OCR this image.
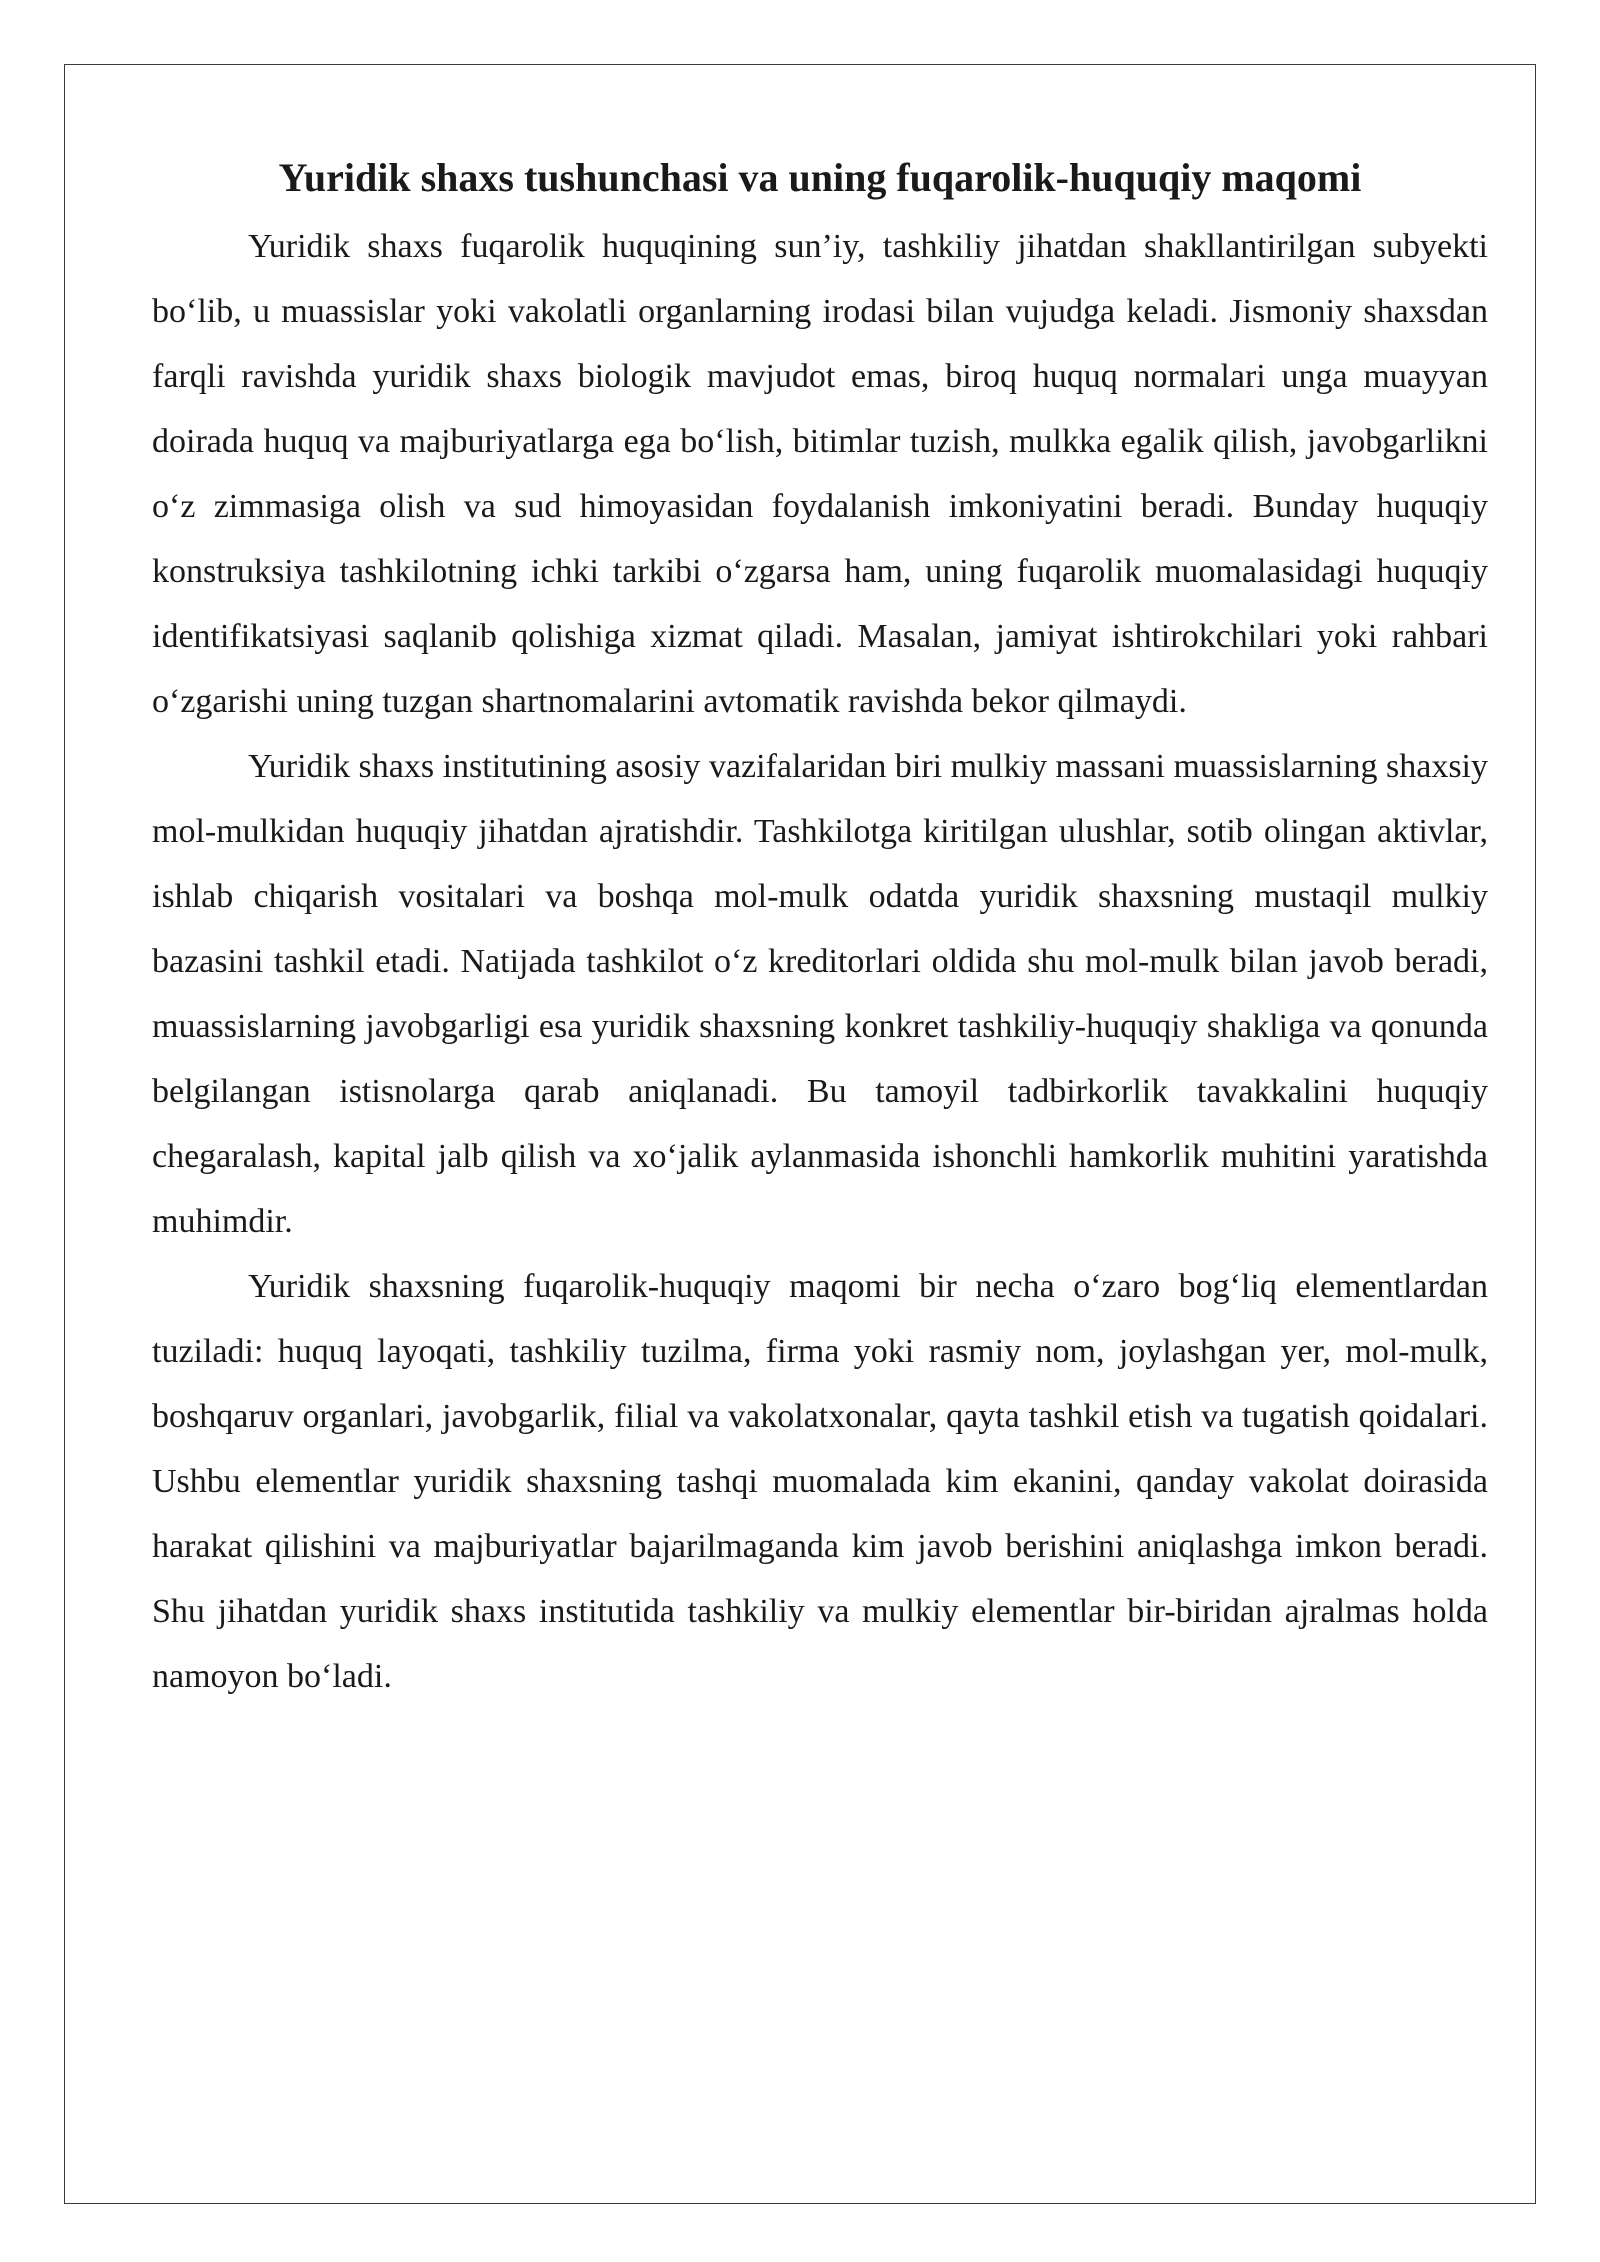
Yuridik shaxs tushunchasi va uning fuqarolik-huquqiy maqomi

Yuridik shaxs fuqarolik huquqining sun’iy, tashkiliy jihatdan shakllantirilgan subyekti bo‘lib, u muassislar yoki vakolatli organlarning irodasi bilan vujudga keladi. Jismoniy shaxsdan farqli ravishda yuridik shaxs biologik mavjudot emas, biroq huquq normalari unga muayyan doirada huquq va majburiyatlarga ega bo‘lish, bitimlar tuzish, mulkka egalik qilish, javobgarlikni o‘z zimmasiga olish va sud himoyasidan foydalanish imkoniyatini beradi. Bunday huquqiy konstruksiya tashkilotning ichki tarkibi o‘zgarsa ham, uning fuqarolik muomalasidagi huquqiy identifikatsiyasi saqlanib qolishiga xizmat qiladi. Masalan, jamiyat ishtirokchilari yoki rahbari o‘zgarishi uning tuzgan shartnomalarini avtomatik ravishda bekor qilmaydi.

Yuridik shaxs institutining asosiy vazifalaridan biri mulkiy massani muassislarning shaxsiy mol-mulkidan huquqiy jihatdan ajratishdir. Tashkilotga kiritilgan ulushlar, sotib olingan aktivlar, ishlab chiqarish vositalari va boshqa mol-mulk odatda yuridik shaxsning mustaqil mulkiy bazasini tashkil etadi. Natijada tashkilot o‘z kreditorlari oldida shu mol-mulk bilan javob beradi, muassislarning javobgarligi esa yuridik shaxsning konkret tashkiliy-huquqiy shakliga va qonunda belgilangan istisnolarga qarab aniqlanadi. Bu tamoyil tadbirkorlik tavakkalini huquqiy chegaralash, kapital jalb qilish va xo‘jalik aylanmasida ishonchli hamkorlik muhitini yaratishda muhimdir.

Yuridik shaxsning fuqarolik-huquqiy maqomi bir necha o‘zaro bog‘liq elementlardan tuziladi: huquq layoqati, tashkiliy tuzilma, firma yoki rasmiy nom, joylashgan yer, mol-mulk, boshqaruv organlari, javobgarlik, filial va vakolatxonalar, qayta tashkil etish va tugatish qoidalari. Ushbu elementlar yuridik shaxsning tashqi muomalada kim ekanini, qanday vakolat doirasida harakat qilishini va majburiyatlar bajarilmaganda kim javob berishini aniqlashga imkon beradi. Shu jihatdan yuridik shaxs institutida tashkiliy va mulkiy elementlar bir-biridan ajralmas holda namoyon bo‘ladi.
